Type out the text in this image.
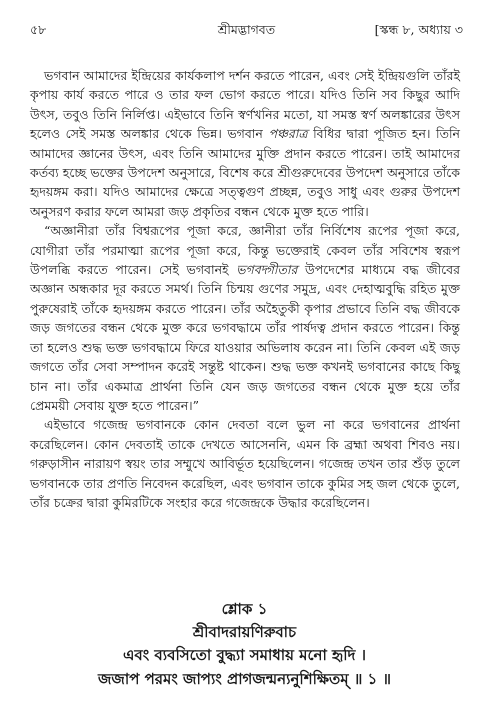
৫৮	শ্রীমদ্ভাগবত	[স্কন্ধ ৮, অধ্যায় ৩

ভগবান আমাদের ইন্দ্রিয়ের কার্যকলাপ দর্শন করতে পারেন, এবং সেই ইন্দ্রিয়গুলি তাঁরই কৃপায় কার্য করতে পারে ও তার ফল ভোগ করতে পারে। যদিও তিনি সব কিছুর আদি উৎস, তবুও তিনি নির্লিপ্ত। এইভাবে তিনি স্বর্ণখনির মতো, যা সমস্ত স্বর্ণ অলঙ্কারের উৎস হলেও সেই সমস্ত অলঙ্কার থেকে ভিন্ন। ভগবান পঞ্চরাত্র বিধির দ্বারা পূজিত হন। তিনি আমাদের জ্ঞানের উৎস, এবং তিনি আমাদের মুক্তি প্রদান করতে পারেন। তাই আমাদের কর্তব্য হচ্ছে ভক্তের উপদেশ অনুসারে, বিশেষ করে শ্রীগুরুদেবের উপদেশ অনুসারে তাঁকে হৃদয়ঙ্গম করা। যদিও আমাদের ক্ষেত্রে সত্ত্বগুণ প্রচ্ছন্ন, তবুও সাধু এবং গুরুর উপদেশ অনুসরণ করার ফলে আমরা জড় প্রকৃতির বন্ধন থেকে মুক্ত হতে পারি।

“অজ্ঞানীরা তাঁর বিশ্বরূপের পূজা করে, জ্ঞানীরা তাঁর নির্বিশেষ রূপের পূজা করে, যোগীরা তাঁর পরমাত্মা রূপের পূজা করে, কিন্তু ভক্তেরাই কেবল তাঁর সবিশেষ স্বরূপ উপলব্ধি করতে পারেন। সেই ভগবানই ভগবদ্গীতার উপদেশের মাধ্যমে বদ্ধ জীবের অজ্ঞান অন্ধকার দূর করতে সমর্থ। তিনি চিন্ময় গুণের সমুদ্র, এবং দেহাত্মবুদ্ধি রহিত মুক্ত পুরুষেরাই তাঁকে হৃদয়ঙ্গম করতে পারেন। তাঁর অহৈতুকী কৃপার প্রভাবে তিনি বদ্ধ জীবকে জড় জগতের বন্ধন থেকে মুক্ত করে ভগবদ্ধামে তাঁর পার্ষদত্ব প্রদান করতে পারেন। কিন্তু তা হলেও শুদ্ধ ভক্ত ভগবদ্ধামে ফিরে যাওয়ার অভিলাষ করেন না। তিনি কেবল এই জড় জগতে তাঁর সেবা সম্পাদন করেই সন্তুষ্ট থাকেন। শুদ্ধ ভক্ত কখনই ভগবানের কাছে কিছু চান না। তাঁর একমাত্র প্রার্থনা তিনি যেন জড় জগতের বন্ধন থেকে মুক্ত হয়ে তাঁর প্রেমময়ী সেবায় যুক্ত হতে পারেন।”

এইভাবে গজেন্দ্র ভগবানকে কোন দেবতা বলে ভুল না করে ভগবানের প্রার্থনা করেছিলেন। কোন দেবতাই তাকে দেখতে আসেননি, এমন কি ব্রহ্মা অথবা শিবও নয়। গরুড়াসীন নারায়ণ স্বয়ং তার সম্মুখে আবির্ভূত হয়েছিলেন। গজেন্দ্র তখন তার শুঁড় তুলে ভগবানকে তার প্রণতি নিবেদন করেছিল, এবং ভগবান তাকে কুমির সহ জল থেকে তুলে, তাঁর চক্রের দ্বারা কুমিরটিকে সংহার করে গজেন্দ্রকে উদ্ধার করেছিলেন।

শ্লোক ১
শ্রীবাদরায়ণিরুবাচ
এবং ব্যবসিতো বুদ্ধ্যা সমাধায় মনো হৃদি ।
জজাপ পরমং জাপ্যং প্রাগজন্মন্যনুশিক্ষিতম্ ॥ ১ ॥
